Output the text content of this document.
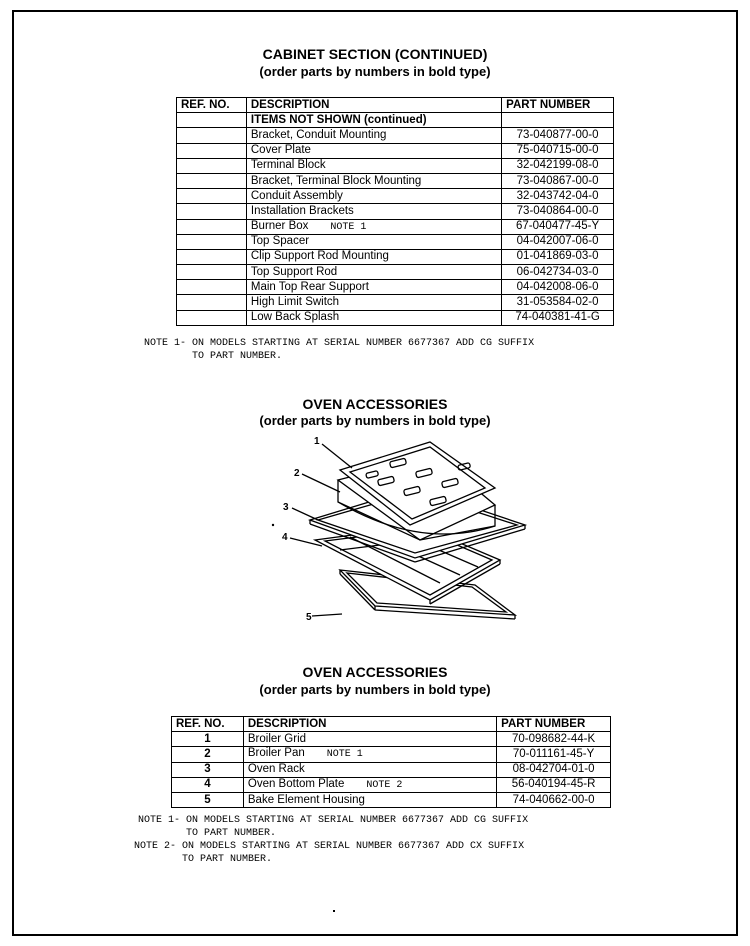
CABINET SECTION (CONTINUED)
(order parts by numbers in bold type)
REF. NO.	DESCRIPTION	PART NUMBER
	ITEMS NOT SHOWN (continued)	
	Bracket, Conduit Mounting	73-040877-00-0
	Cover Plate	75-040715-00-0
	Terminal Block	32-042199-08-0
	Bracket, Terminal Block Mounting	73-040867-00-0
	Conduit Assembly	32-043742-04-0
	Installation Brackets	73-040864-00-0
	Burner Box NOTE 1	67-040477-45-Y
	Top Spacer	04-042007-06-0
	Clip Support Rod Mounting	01-041869-03-0
	Top Support Rod	06-042734-03-0
	Main Top Rear Support	04-042008-06-0
	High Limit Switch	31-053584-02-0
	Low Back Splash	74-040381-41-G
NOTE 1- ON MODELS STARTING AT SERIAL NUMBER 6677367 ADD CG SUFFIX
TO PART NUMBER.
OVEN ACCESSORIES
(order parts by numbers in bold type)
1
2
3
4
5
OVEN ACCESSORIES
(order parts by numbers in bold type)
REF. NO.	DESCRIPTION	PART NUMBER
1	Broiler Grid	70-098682-44-K
2	Broiler Pan NOTE 1	70-011161-45-Y
3	Oven Rack	08-042704-01-0
4	Oven Bottom Plate NOTE 2	56-040194-45-R
5	Bake Element Housing	74-040662-00-0
NOTE 1- ON MODELS STARTING AT SERIAL NUMBER 6677367 ADD CG SUFFIX
TO PART NUMBER.
NOTE 2- ON MODELS STARTING AT SERIAL NUMBER 6677367 ADD CX SUFFIX
TO PART NUMBER.
